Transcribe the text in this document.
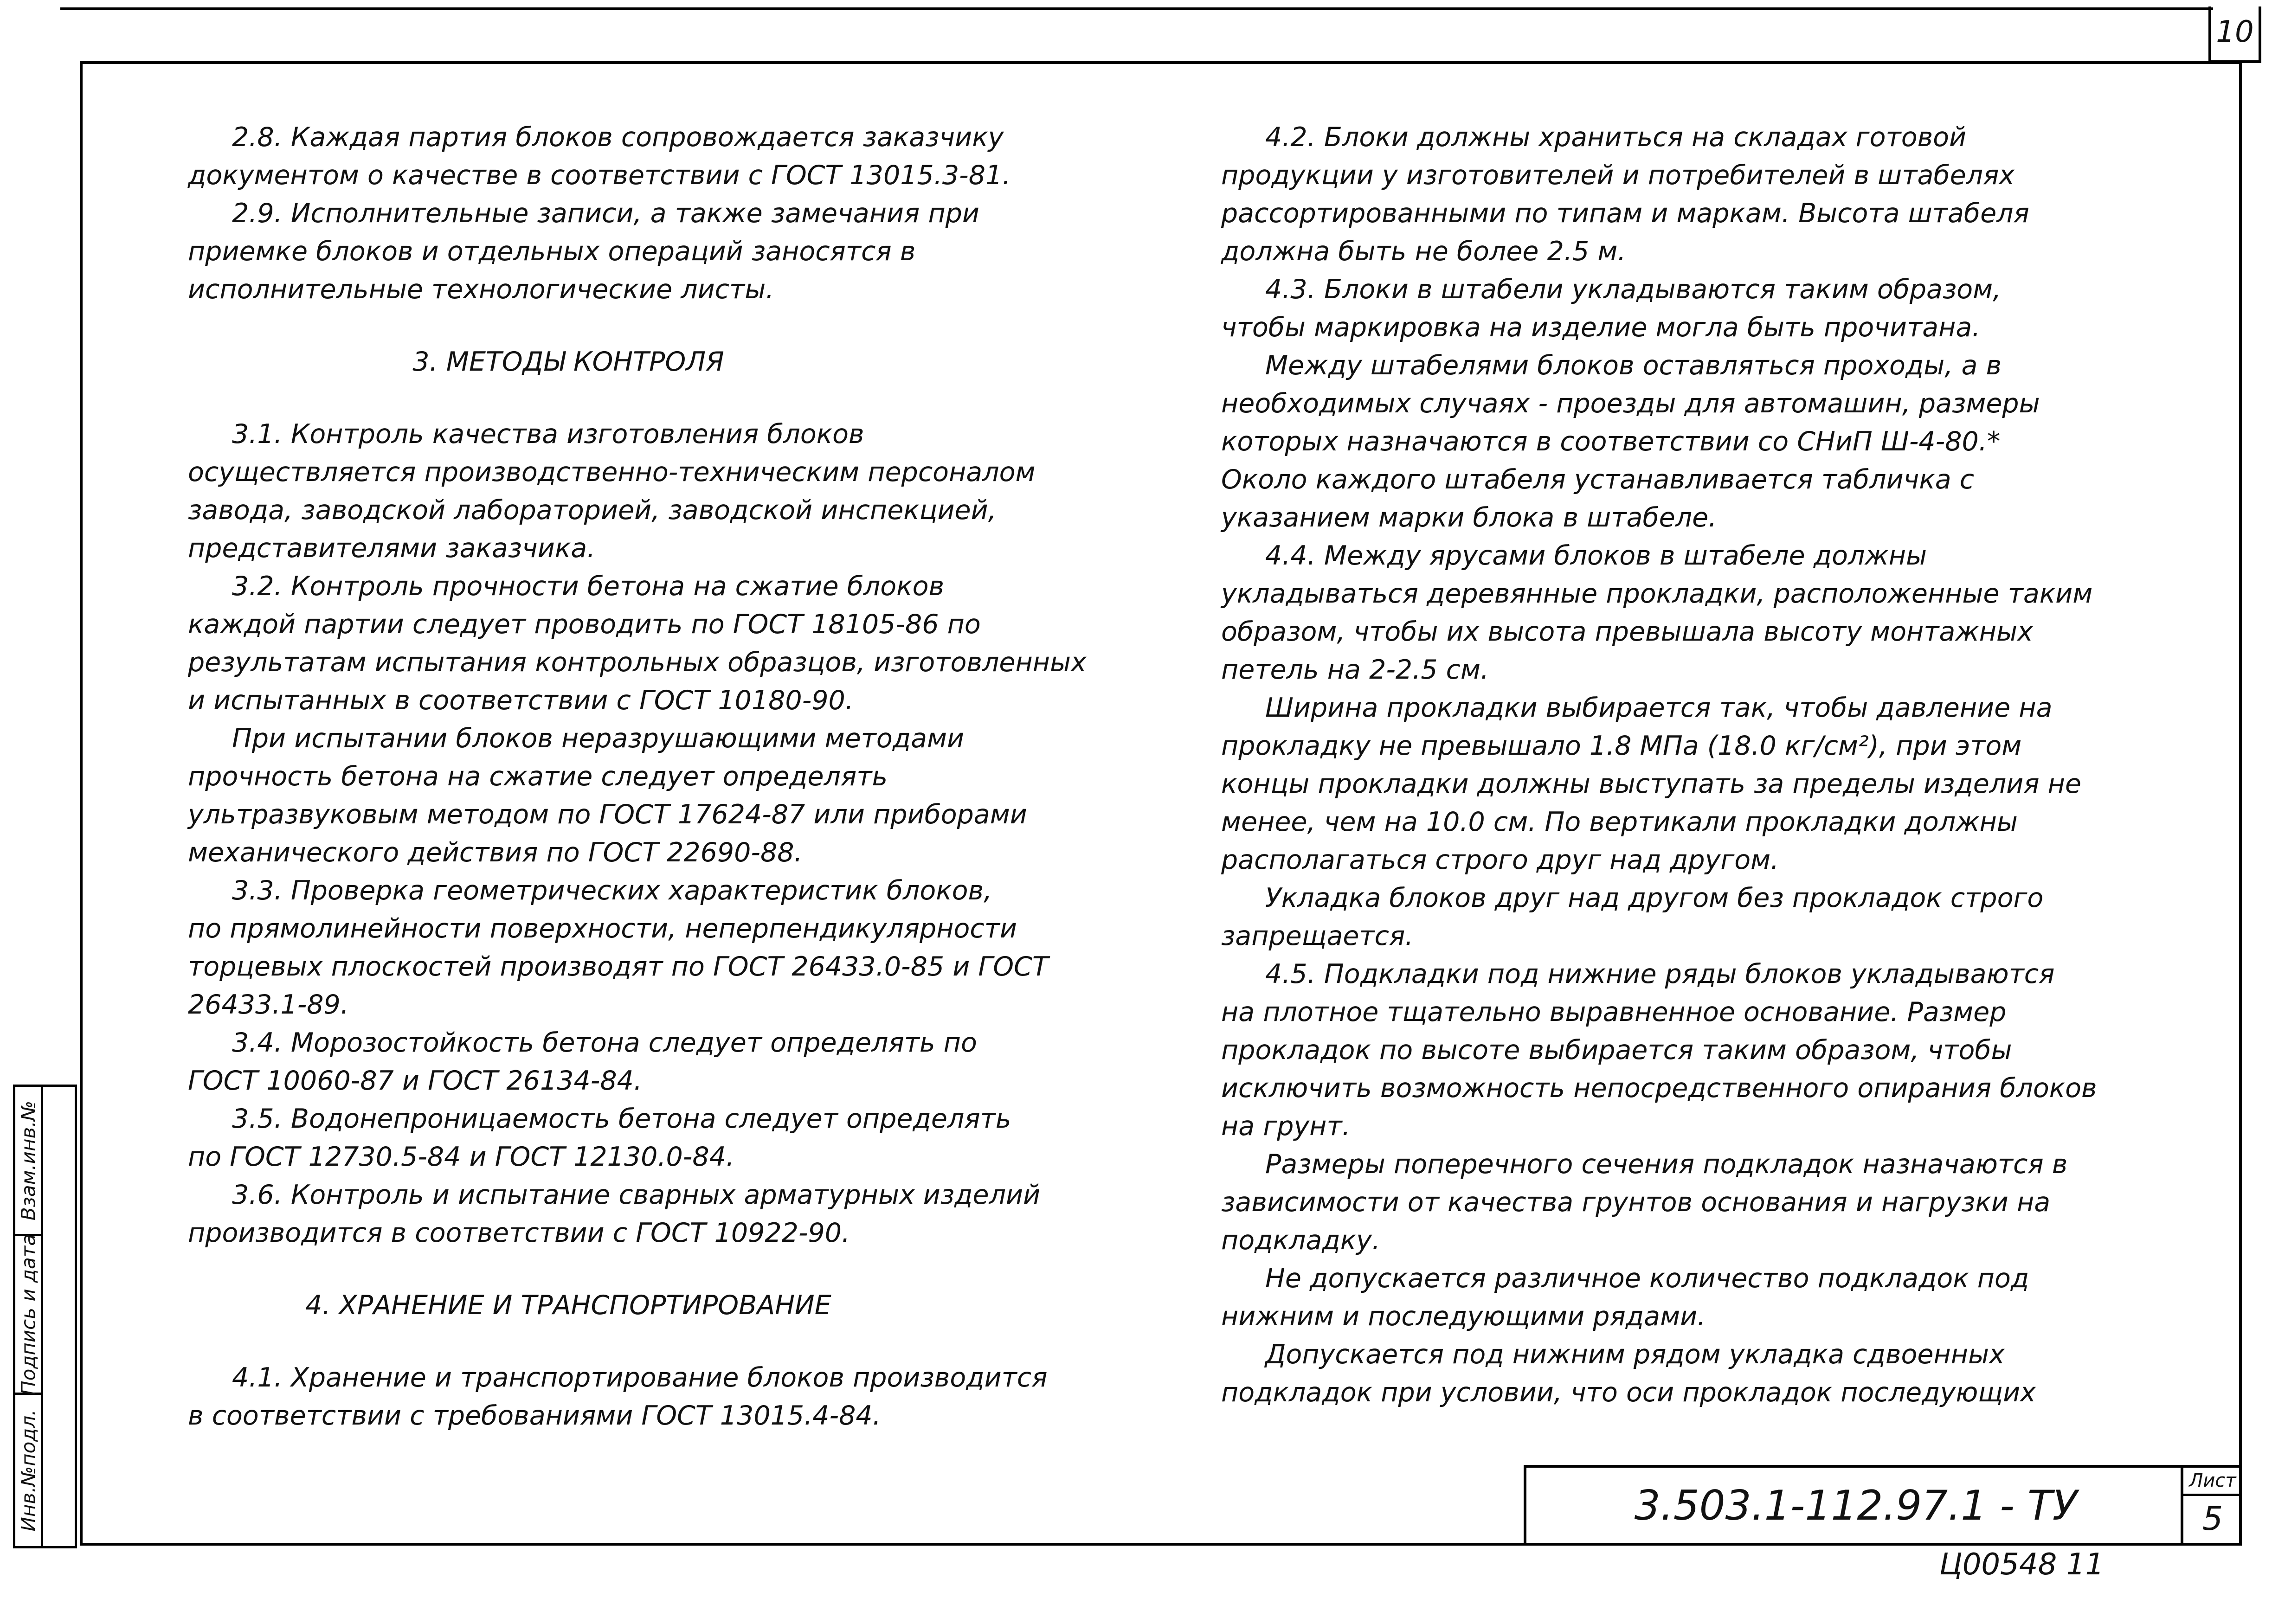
10
Взам.инв.№
Подпись и дата
Инв.№подл.

2.8. Каждая партия блоков сопровождается заказчику

документом о качестве в соответствии с ГОСТ 13015.3-81.

2.9. Исполнительные записи, а также замечания при

приемке блоков и отдельных операций заносятся в

исполнительные технологические листы.

3. МЕТОДЫ КОНТРОЛЯ

3.1. Контроль качества изготовления блоков

осуществляется производственно-техническим персоналом

завода, заводской лабораторией, заводской инспекцией,

представителями заказчика.

3.2. Контроль прочности бетона на сжатие блоков

каждой партии следует проводить по ГОСТ 18105-86 по

результатам испытания контрольных образцов, изготовленных

и испытанных в соответствии с ГОСТ 10180-90.

При испытании блоков неразрушающими методами

прочность бетона на сжатие следует определять

ультразвуковым методом по ГОСТ 17624-87 или приборами

механического действия по ГОСТ 22690-88.

3.3. Проверка геометрических характеристик блоков,

по прямолинейности поверхности, неперпендикулярности

торцевых плоскостей производят по ГОСТ 26433.0-85 и ГОСТ

26433.1-89.

3.4. Морозостойкость бетона следует определять по

ГОСТ 10060-87 и ГОСТ 26134-84.

3.5. Водонепроницаемость бетона следует определять

по ГОСТ 12730.5-84 и ГОСТ 12130.0-84.

3.6. Контроль и испытание сварных арматурных изделий

производится в соответствии с ГОСТ 10922-90.

4. ХРАНЕНИЕ И ТРАНСПОРТИРОВАНИЕ

4.1. Хранение и транспортирование блоков производится

в соответствии с требованиями ГОСТ 13015.4-84.

4.2. Блоки должны храниться на складах готовой

продукции у изготовителей и потребителей в штабелях

рассортированными по типам и маркам. Высота штабеля

должна быть не более 2.5 м.

4.3. Блоки в штабели укладываются таким образом,

чтобы маркировка на изделие могла быть прочитана.

Между штабелями блоков оставляться проходы, а в

необходимых случаях - проезды для автомашин, размеры

которых назначаются в соответствии со СНиП Ш-4-80.*

Около каждого штабеля устанавливается табличка с

указанием марки блока в штабеле.

4.4. Между ярусами блоков в штабеле должны

укладываться деревянные прокладки, расположенные таким

образом, чтобы их высота превышала высоту монтажных

петель на 2-2.5 см.

Ширина прокладки выбирается так, чтобы давление на

прокладку не превышало 1.8 МПа (18.0 кг/см²), при этом

концы прокладки должны выступать за пределы изделия не

менее, чем на 10.0 см. По вертикали прокладки должны

располагаться строго друг над другом.

Укладка блоков друг над другом без прокладок строго

запрещается.

4.5. Подкладки под нижние ряды блоков укладываются

на плотное тщательно выравненное основание. Размер

прокладок по высоте выбирается таким образом, чтобы

исключить возможность непосредственного опирания блоков

на грунт.

Размеры поперечного сечения подкладок назначаются в

зависимости от качества грунтов основания и нагрузки на

подкладку.

Не допускается различное количество подкладок под

нижним и последующими рядами.

Допускается под нижним рядом укладка сдвоенных

подкладок при условии, что оси прокладок последующих

3.503.1-112.97.1 - ТУ
Лист
5
Ц00548 11
